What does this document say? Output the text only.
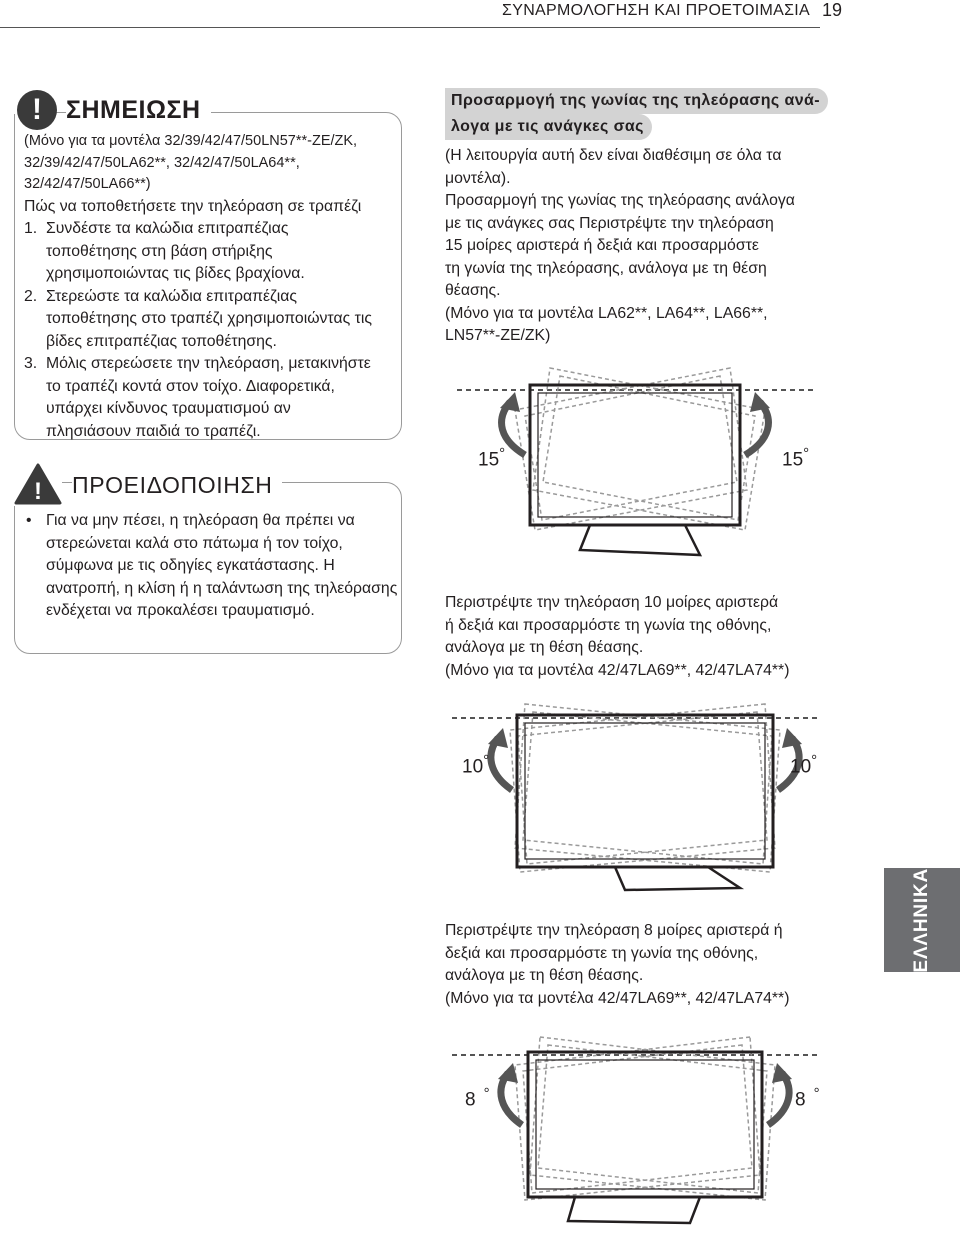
ΣΥΝΑΡΜΟΛΟΓΗΣΗ ΚΑΙ ΠΡΟΕΤΟΙΜΑΣΙΑ 19
! ΣΗΜΕΙΩΣΗ
(Μόνο για τα μοντέλα 32/39/42/47/50LN57**-ZE/ZK,
32/39/42/47/50LA62**, 32/42/47/50LA64**,
32/42/47/50LA66**)
Πώς να τοποθετήσετε την τηλεόραση σε τραπέζι
1. Συνδέστε τα καλώδια επιτραπέζιας τοποθέτησης στη βάση στήριξης χρησιμοποιώντας τις βίδες βραχίονα.
2. Στερεώστε τα καλώδια επιτραπέζιας τοποθέτησης στο τραπέζι χρησιμοποιώντας τις βίδες επιτραπέζιας τοποθέτησης.
3. Μόλις στερεώσετε την τηλεόραση, μετακινήστε το τραπέζι κοντά στον τοίχο. Διαφορετικά, υπάρχει κίνδυνος τραυματισμού αν πλησιάσουν παιδιά το τραπέζι.
! ΠΡΟΕΙΔΟΠΟΙΗΣΗ
• Για να μην πέσει, η τηλεόραση θα πρέπει να στερεώνεται καλά στο πάτωμα ή τον τοίχο, σύμφωνα με τις οδηγίες εγκατάστασης. Η ανατροπή, η κλίση ή η ταλάντωση της τηλεόρασης ενδέχεται να προκαλέσει τραυματισμό.
ΕΛΛΗΝΙΚΑ
Προσαρμογή της γωνίας της τηλεόρασης ανά-
λογα με τις ανάγκες σας
(Η λειτουργία αυτή δεν είναι διαθέσιμη σε όλα τα μοντέλα).
Προσαρμογή της γωνίας της τηλεόρασης ανάλογα
με τις ανάγκες σας Περιστρέψτε την τηλεόραση
15 μοίρες αριστερά ή δεξιά και προσαρμόστε
τη γωνία της τηλεόρασης, ανάλογα με τη θέση
θέασης.
(Μόνο για τα μοντέλα LA62**, LA64**, LA66**, LN57**-ZE/ZK)
15°	15°
Περιστρέψτε την τηλεόραση 10 μοίρες αριστερά
ή δεξιά και προσαρμόστε τη γωνία της οθόνης,
ανάλογα με τη θέση θέασης.
(Μόνο για τα μοντέλα 42/47LA69**, 42/47LA74**)
10°	10°
Περιστρέψτε την τηλεόραση 8 μοίρες αριστερά ή
δεξιά και προσαρμόστε τη γωνία της οθόνης,
ανάλογα με τη θέση θέασης.
(Μόνο για τα μοντέλα 42/47LA69**, 42/47LA74**)
8 °	8 °
